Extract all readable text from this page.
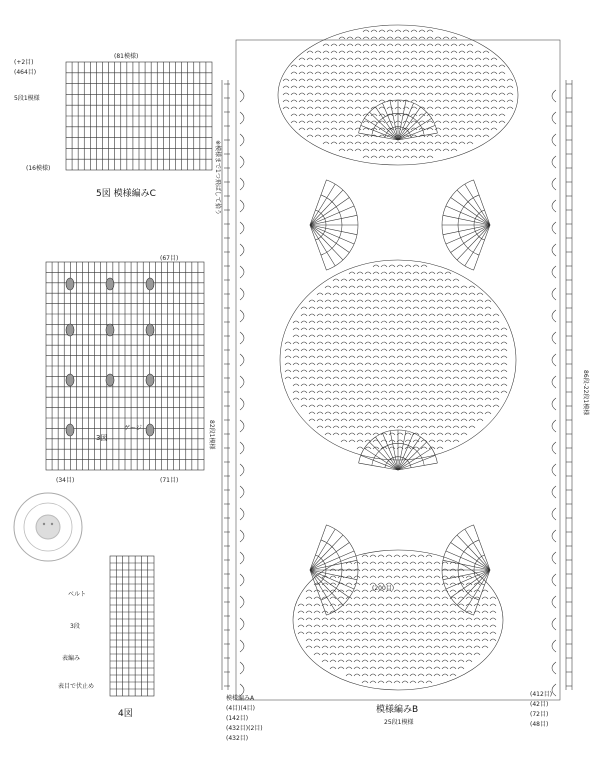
(81模様)
(+2目)
(464目)
5段1模様
(16模様)
5図 模様編みC
(67目)
3図
ゲージ
(34目)	(71目)
ベルト
3段
表編み
表目で伏止め
4図
82段1模様
86段-22段1模様
※模様まで1つ飛ばして拾う
(200目)
模様編みB
25段1模様
模様編みA
(4目)(4目)
(142目)
(432目)(2目)
(432目)
(412目)
(42目)
(72目)
(48目)
